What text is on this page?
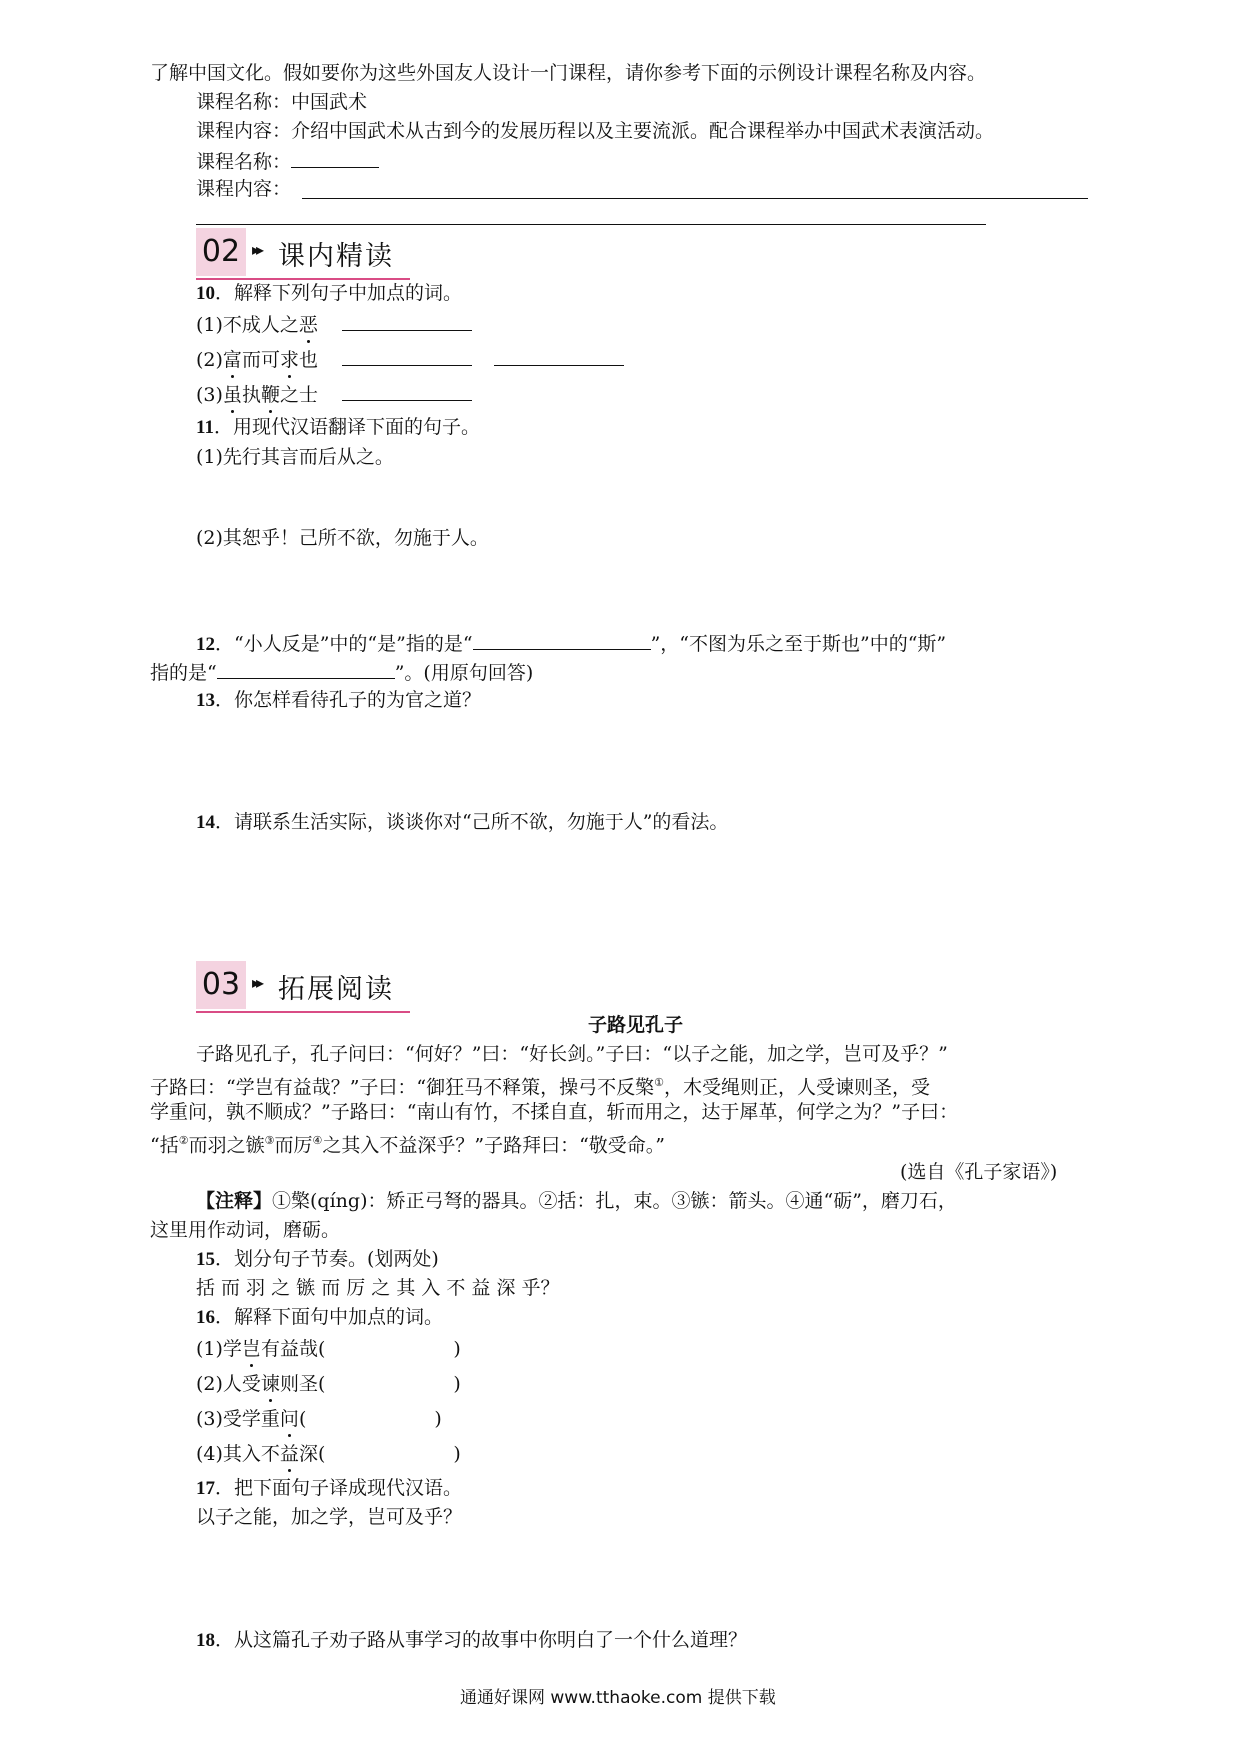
了解中国文化。假如要你为这些外国友人设计一门课程，请你参考下面的示例设计课程名称及内容。
课程名称：中国武术
课程内容：介绍中国武术从古到今的发展历程以及主要流派。配合课程举办中国武术表演活动。
课程名称：
课程内容：
02 ▸▸ 课内精读
10．解释下列句子中加点的词。
(1)不成人之恶
(2)富而可求也
(3)虽执鞭之士
11．用现代汉语翻译下面的句子。
(1)先行其言而后从之。
(2)其恕乎！己所不欲，勿施于人。
12．“小人反是”中的“是”指的是“	”，“不图为乐之至于斯也”中的“斯”
指的是“	”。(用原句回答)
13．你怎样看待孔子的为官之道？
14．请联系生活实际，谈谈你对“己所不欲，勿施于人”的看法。
03 ▸▸ 拓展阅读
子路见孔子
子路见孔子，孔子问曰：“何好？”曰：“好长剑。”子曰：“以子之能，加之学，岂可及乎？”
子路曰：“学岂有益哉？”子曰：“御狂马不释策，操弓不反檠①，木受绳则正，人受谏则圣，受
学重问，孰不顺成？”子路曰：“南山有竹，不揉自直，斩而用之，达于犀革，何学之为？”子曰：
“括②而羽之镞③而厉④之其入不益深乎？”子路拜曰：“敬受命。”
(选自《孔子家语》)
【注释】①檠(qíng)：矫正弓弩的器具。②括：扎，束。③镞：箭头。④通“砺”，磨刀石，
这里用作动词，磨砺。
15．划分句子节奏。(划两处)
括 而 羽 之 镞 而 厉 之 其 入 不 益 深 乎？
16．解释下面句中加点的词。
(1)学岂有益哉(	)
(2)人受谏则圣(	)
(3)受学重问(	)
(4)其入不益深(	)
17．把下面句子译成现代汉语。
以子之能，加之学，岂可及乎？
18．从这篇孔子劝子路从事学习的故事中你明白了一个什么道理？
通通好课网 www.tthaoke.com 提供下载
